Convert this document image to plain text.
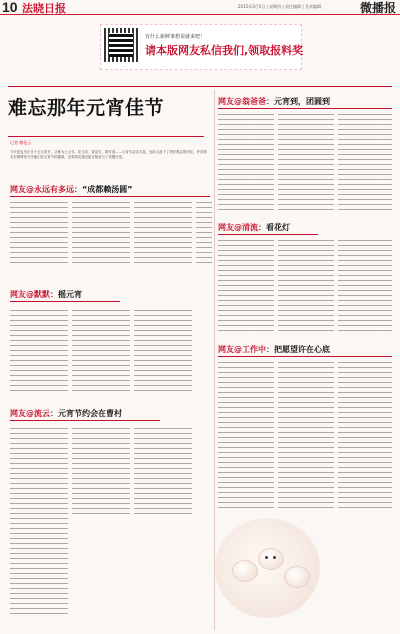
10 法晓日报	2015年3月5日 | 星期四 | 责任编辑 | 美术编辑	微播报
有什么新鲜事想说就来吧！
请本版网友私信我们,领取报料奖
难忘那年元宵佳节
记者 赖佳云
今天是农历正月十五元宵节，又称为上元节。吃元宵、赏花灯、猜灯谜……元宵节活动丰富，也给人留下了美好难忘的回忆。许多网友在微博里分享他们在元宵节的趣事，也有网友通过留言板参与了话题讨论。
网友@永远有多远：“成都赖汤圆”
网友@默默：摇元宵
网友@流云：元宵节约会在曹村
网友@翁爸爸：元宵到，团圆到
网友@清流：看花灯
网友@工作中：把愿望许在心底
